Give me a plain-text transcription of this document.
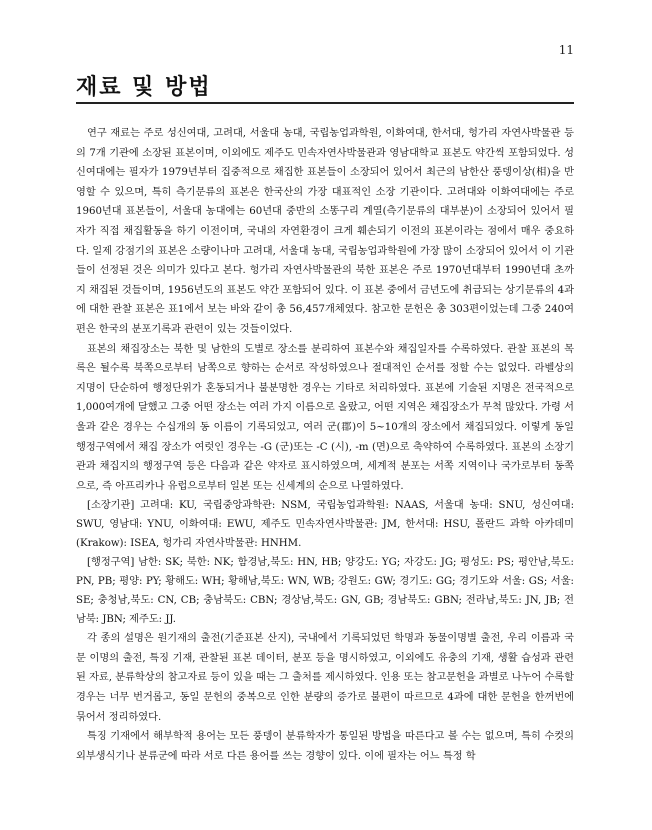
11
재료 및 방법

연구 재료는 주로 성신여대, 고려대, 서울대 농대, 국립농업과학원, 이화여대, 한서대, 헝가리 자연사박물관 등의 7개 기관에 소장된 표본이며, 이외에도 제주도 민속자연사박물관과 영남대학교 표본도 약간씩 포함되었다. 성신여대에는 필자가 1979년부터 집중적으로 채집한 표본들이 소장되어 있어서 최근의 남한산 풍뎅이상(相)을 반영할 수 있으며, 특히 측기문류의 표본은 한국산의 가장 대표적인 소장 기관이다. 고려대와 이화여대에는 주로 1960년대 표본들이, 서울대 농대에는 60년대 중반의 소똥구리 계열(측기문류의 대부분)이 소장되어 있어서 필자가 직접 채집활동을 하기 이전이며, 국내의 자연환경이 크게 훼손되기 이전의 표본이라는 점에서 매우 중요하다. 일제 강점기의 표본은 소량이나마 고려대, 서울대 농대, 국립농업과학원에 가장 많이 소장되어 있어서 이 기관들이 선정된 것은 의미가 있다고 본다. 헝가리 자연사박물관의 북한 표본은 주로 1970년대부터 1990년대 초까지 채집된 것들이며, 1956년도의 표본도 약간 포함되어 있다. 이 표본 중에서 금년도에 취급되는 상기문류의 4과에 대한 관찰 표본은 표1에서 보는 바와 같이 총 56,457개체였다. 참고한 문헌은 총 303편이었는데 그중 240여 편은 한국의 분포기록과 관련이 있는 것들이었다.

표본의 채집장소는 북한 및 남한의 도별로 장소를 분리하여 표본수와 채집일자를 수록하였다. 관찰 표본의 목록은 될수록 북쪽으로부터 남쪽으로 향하는 순서로 작성하였으나 절대적인 순서를 정할 수는 없었다. 라벨상의 지명이 단순하여 행정단위가 혼동되거나 불분명한 경우는 기타로 처리하였다. 표본에 기술된 지명은 전국적으로 1,000여개에 달했고 그중 어떤 장소는 여러 가지 이름으로 올랐고, 어떤 지역은 채집장소가 무척 많았다. 가령 서울과 같은 경우는 수십개의 동 이름이 기록되었고, 여러 군(郡)이 5~10개의 장소에서 채집되었다. 이렇게 동일 행정구역에서 채집 장소가 여럿인 경우는 -G (군)또는 -C (시), -m (면)으로 축약하여 수록하였다. 표본의 소장기관과 채집지의 행정구역 등은 다음과 같은 약자로 표시하였으며, 세계적 분포는 서쪽 지역이나 국가로부터 동쪽으로, 즉 아프리카나 유럽으로부터 일본 또는 신세계의 순으로 나열하였다.

[소장기관] 고려대: KU, 국립중앙과학관: NSM, 국립농업과학원: NAAS, 서울대 농대: SNU, 성신여대: SWU, 영남대: YNU, 이화여대: EWU, 제주도 민속자연사박물관: JM, 한서대: HSU, 폴란드 과학 아카데미(Krakow): ISEA, 헝가리 자연사박물관: HNHM.

[행정구역] 남한: SK; 북한: NK; 함경남,북도: HN, HB; 양강도: YG; 자강도: JG; 평성도: PS; 평안남,북도: PN, PB; 평양: PY; 황해도: WH; 황해남,북도: WN, WB; 강원도: GW; 경기도: GG; 경기도와 서울: GS; 서울: SE; 충청남,북도: CN, CB; 충남북도: CBN; 경상남,북도: GN, GB; 경남북도: GBN; 전라남,북도: JN, JB; 전남북: JBN; 제주도: JJ.

각 종의 설명은 원기재의 출전(기준표본 산지), 국내에서 기록되었던 학명과 동물이명별 출전, 우리 이름과 국문 이명의 출전, 특징 기재, 관찰된 표본 데이터, 분포 등을 명시하였고, 이외에도 유충의 기재, 생활 습성과 관련된 자료, 분류학상의 참고자료 등이 있을 때는 그 출처를 제시하였다. 인용 또는 참고문헌을 과별로 나누어 수록할 경우는 너무 번거롭고, 동일 문헌의 중복으로 인한 분량의 증가로 불편이 따르므로 4과에 대한 문헌을 한꺼번에 묶어서 정리하였다.

특징 기재에서 해부학적 용어는 모든 풍뎅이 분류학자가 통일된 방법을 따른다고 볼 수는 없으며, 특히 수컷의 외부생식기나 분류군에 따라 서로 다른 용어를 쓰는 경향이 있다. 이에 필자는 어느 특정 학
